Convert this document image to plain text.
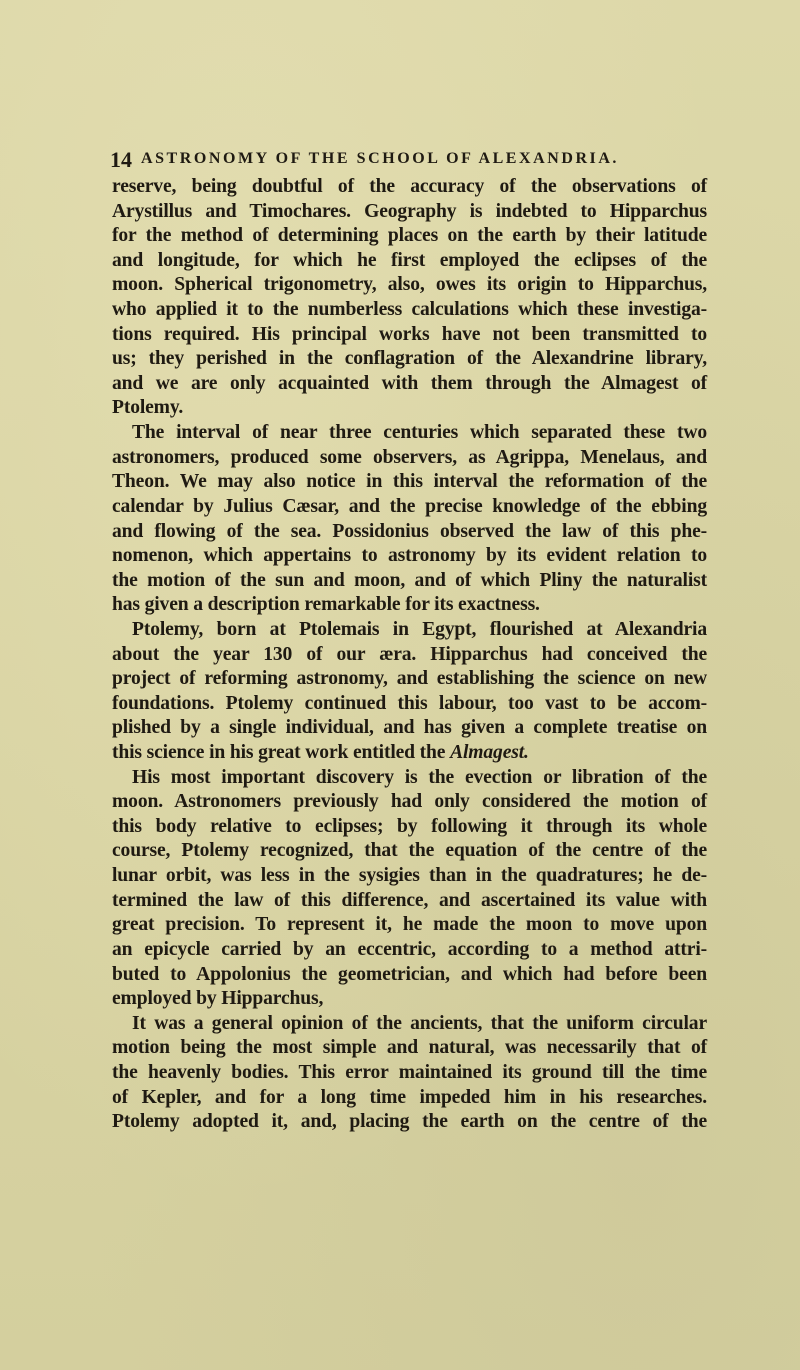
14 ASTRONOMY OF THE SCHOOL OF ALEXANDRIA.
reserve, being doubtful of the accuracy of the observations of
Arystillus and Timochares. Geography is indebted to Hipparchus
for the method of determining places on the earth by their latitude
and longitude, for which he first employed the eclipses of the
moon. Spherical trigonometry, also, owes its origin to Hipparchus,
who applied it to the numberless calculations which these investiga-
tions required. His principal works have not been transmitted to
us; they perished in the conflagration of the Alexandrine library,
and we are only acquainted with them through the Almagest of
Ptolemy.
The interval of near three centuries which separated these two
astronomers, produced some observers, as Agrippa, Menelaus, and
Theon. We may also notice in this interval the reformation of the
calendar by Julius Cæsar, and the precise knowledge of the ebbing
and flowing of the sea. Possidonius observed the law of this phe-
nomenon, which appertains to astronomy by its evident relation to
the motion of the sun and moon, and of which Pliny the naturalist
has given a description remarkable for its exactness.
Ptolemy, born at Ptolemais in Egypt, flourished at Alexandria
about the year 130 of our æra. Hipparchus had conceived the
project of reforming astronomy, and establishing the science on new
foundations. Ptolemy continued this labour, too vast to be accom-
plished by a single individual, and has given a complete treatise on
this science in his great work entitled the Almagest.
His most important discovery is the evection or libration of the
moon. Astronomers previously had only considered the motion of
this body relative to eclipses; by following it through its whole
course, Ptolemy recognized, that the equation of the centre of the
lunar orbit, was less in the sysigies than in the quadratures; he de-
termined the law of this difference, and ascertained its value with
great precision. To represent it, he made the moon to move upon
an epicycle carried by an eccentric, according to a method attri-
buted to Appolonius the geometrician, and which had before been
employed by Hipparchus,
It was a general opinion of the ancients, that the uniform circular
motion being the most simple and natural, was necessarily that of
the heavenly bodies. This error maintained its ground till the time
of Kepler, and for a long time impeded him in his researches.
Ptolemy adopted it, and, placing the earth on the centre of the
